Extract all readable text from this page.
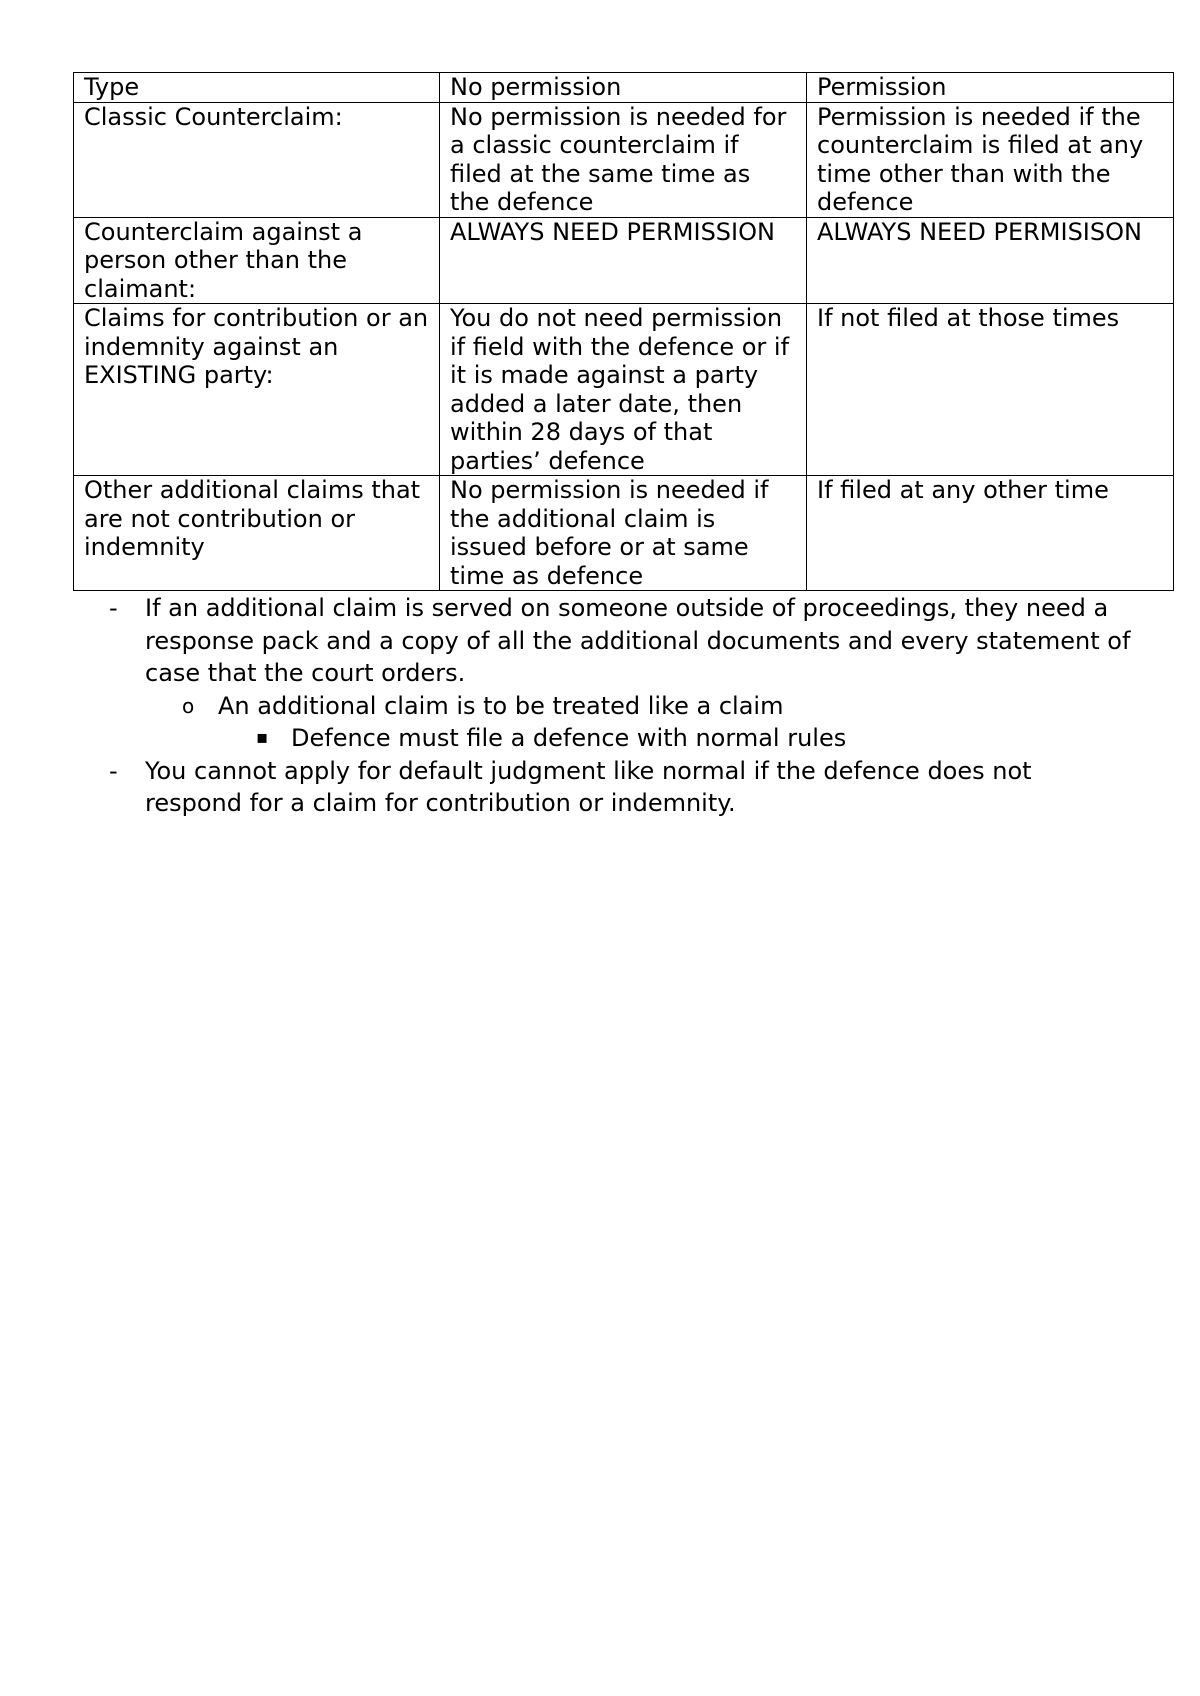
Type	No permission	Permission
Classic Counterclaim:	No permission is needed for a classic counterclaim if filed at the same time as the defence	Permission is needed if the counterclaim is filed at any time other than with the defence
Counterclaim against a person other than the claimant:	ALWAYS NEED PERMISSION	ALWAYS NEED PERMISISON
Claims for contribution or an indemnity against an EXISTING party:	You do not need permission if field with the defence or if it is made against a party added a later date, then within 28 days of that parties’ defence	If not filed at those times
Other additional claims that are not contribution or indemnity	No permission is needed if the additional claim is issued before or at same time as defence	If filed at any other time
- If an additional claim is served on someone outside of proceedings, they need a response pack and a copy of all the additional documents and every statement of case that the court orders.
o An additional claim is to be treated like a claim
▪ Defence must file a defence with normal rules
- You cannot apply for default judgment like normal if the defence does not respond for a claim for contribution or indemnity.
